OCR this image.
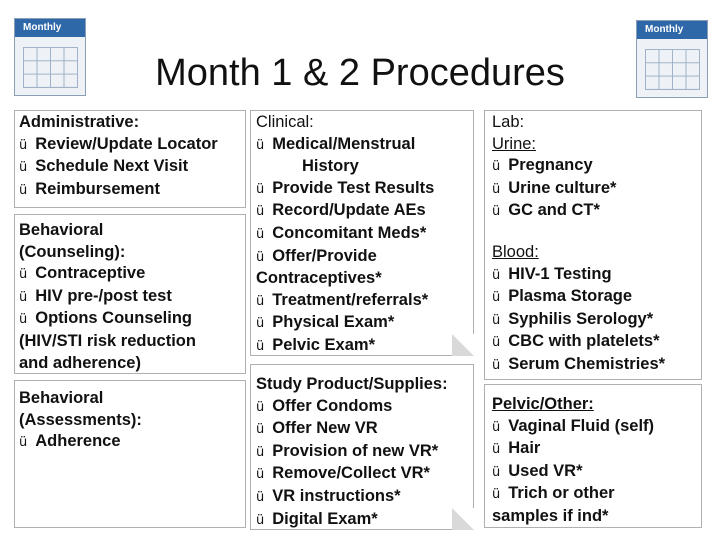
Monthly	Monthly
Month 1 & 2 Procedures
Administrative:
ü Review/Update Locator
ü Schedule Next Visit
ü Reimbursement
Behavioral
(Counseling):
ü Contraceptive
ü HIV pre-/post test
ü Options Counseling
(HIV/STI risk reduction
and adherence)
Behavioral
(Assessments):
ü Adherence
Clinical:
ü Medical/Menstrual
History
ü Provide Test Results
ü Record/Update AEs
ü Concomitant Meds*
ü Offer/Provide
Contraceptives*
ü Treatment/referrals*
ü Physical Exam*
ü Pelvic Exam*
Study Product/Supplies:
ü Offer Condoms
ü Offer New VR
ü Provision of new VR*
ü Remove/Collect VR*
ü VR instructions*
ü Digital Exam*
Lab:
Urine:
ü Pregnancy
ü Urine culture*
ü GC and CT*
Blood:
ü HIV-1 Testing
ü Plasma Storage
ü Syphilis Serology*
ü CBC with platelets*
ü Serum Chemistries*
Pelvic/Other:
ü Vaginal Fluid (self)
ü Hair
ü Used VR*
ü Trich or other
samples if ind*
